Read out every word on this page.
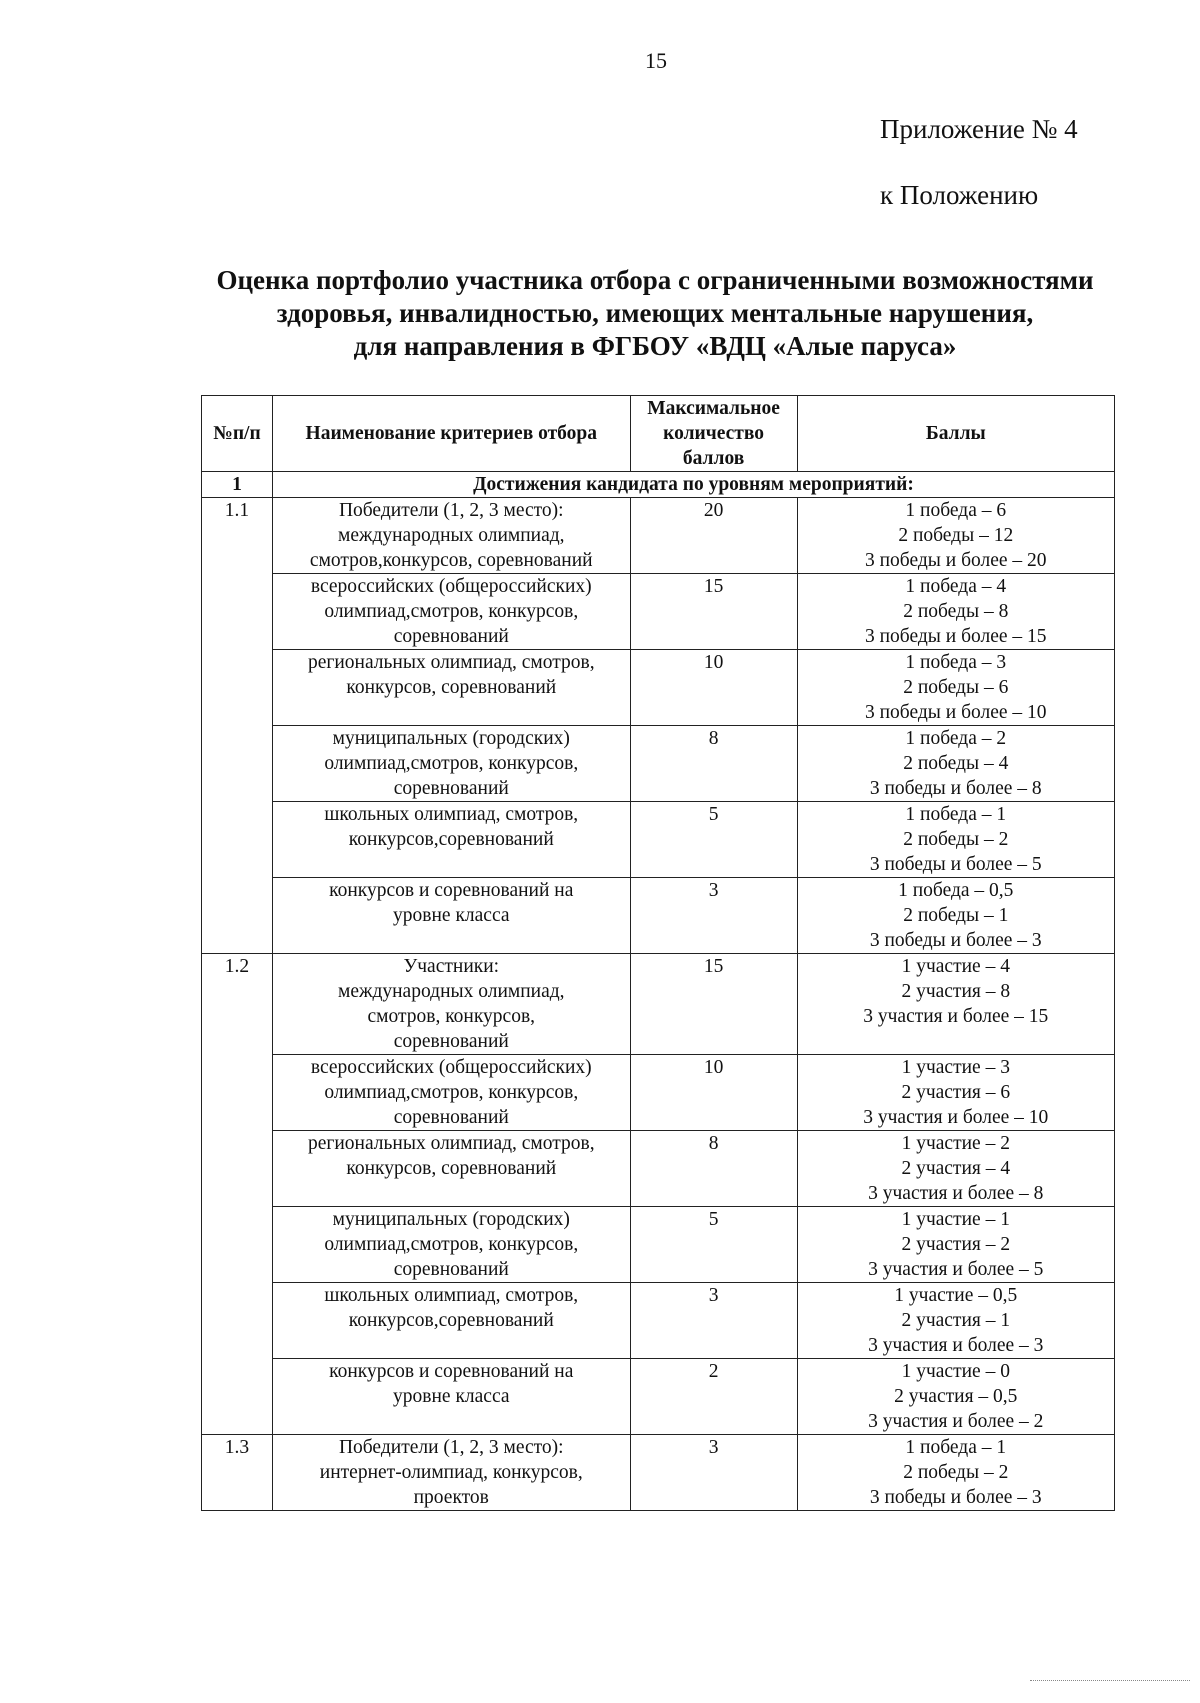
15
Приложение № 4
к Положению
Оценка портфолио участника отбора с ограниченными возможностями
здоровья, инвалидностью, имеющих ментальные нарушения,
для направления в ФГБОУ «ВДЦ «Алые паруса»
№п/п	Наименование критериев отбора	Максимальное
количество
баллов	Баллы
1	Достижения кандидата по уровням мероприятий:		
1.1	Победители (1, 2, 3 место):
международных олимпиад,
смотров,конкурсов, соревнований	20	1 победа – 6
2 победы – 12
3 победы и более – 20

	всероссийских (общероссийских)
олимпиад,смотров, конкурсов,
соревнований	15	1 победа – 4
2 победы – 8
3 победы и более – 15

	региональных олимпиад, смотров,
конкурсов, соревнований	10	1 победа – 3
2 победы – 6
3 победы и более – 10

	муниципальных (городских)
олимпиад,смотров, конкурсов,
соревнований	8	1 победа – 2
2 победы – 4
3 победы и более – 8

	школьных олимпиад, смотров,
конкурсов,соревнований	5	1 победа – 1
2 победы – 2
3 победы и более – 5

	конкурсов и соревнований на
уровне класса	3	1 победа – 0,5
2 победы – 1
3 победы и более – 3

1.2	Участники:
международных олимпиад,
смотров, конкурсов,
соревнований	15	1 участие – 4
2 участия – 8
3 участия и более – 15

	всероссийских (общероссийских)
олимпиад,смотров, конкурсов,
соревнований	10	1 участие – 3
2 участия – 6
3 участия и более – 10

	региональных олимпиад, смотров,
конкурсов, соревнований	8	1 участие – 2
2 участия – 4
3 участия и более – 8

	муниципальных (городских)
олимпиад,смотров, конкурсов,
соревнований	5	1 участие – 1
2 участия – 2
3 участия и более – 5

	школьных олимпиад, смотров,
конкурсов,соревнований	3	1 участие – 0,5
2 участия – 1
3 участия и более – 3

	конкурсов и соревнований на
уровне класса	2	1 участие – 0
2 участия – 0,5
3 участия и более – 2

1.3	Победители (1, 2, 3 место):
интернет-олимпиад, конкурсов,
проектов	3	1 победа – 1
2 победы – 2
3 победы и более – 3
